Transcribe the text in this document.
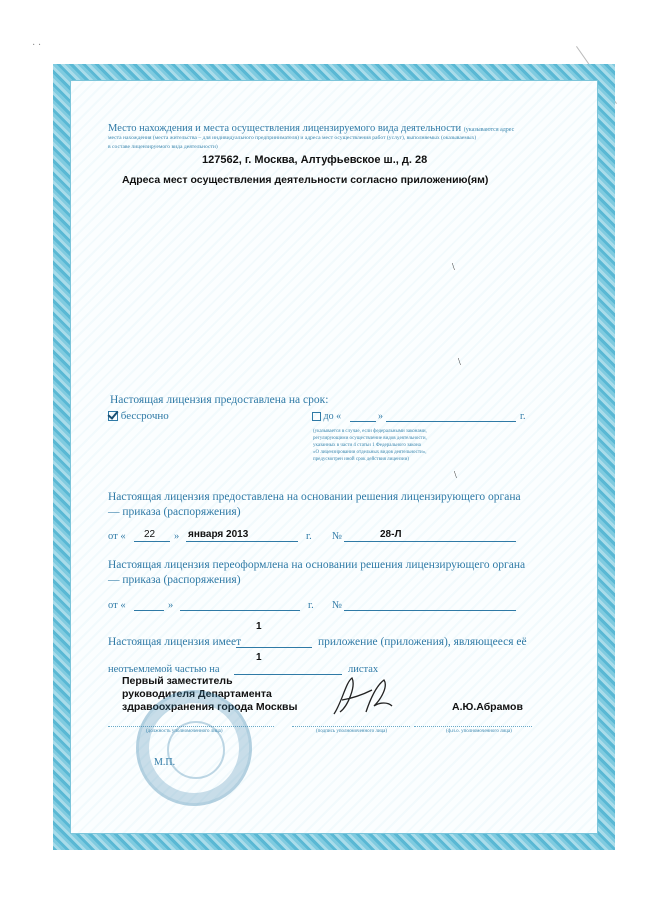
· ·
Место нахождения и места осуществления лицензируемого вида деятельности (указываются адрес
места нахождения (места жительства – для индивидуального предпринимателя) и адреса мест осуществления работ (услуг), выполняемых (оказываемых)
в составе лицензируемого вида деятельности)
127562, г. Москва, Алтуфьевское ш., д. 28
Адреса мест осуществления деятельности согласно приложению(ям)
\
\
Настоящая лицензия предоставлена на срок:
бессрочно	до «	»	г.
(указывается в случае, если федеральными законами,
регулирующими осуществление видов деятельности,
указанных в части 4 статьи 1 Федерального закона
«О лицензировании отдельных видов деятельности»,
предусмотрен иной срок действия лицензии)
\
Настоящая лицензия предоставлена на основании решения лицензирующего органа
— приказа (распоряжения)
от « 22 » января 2013	г. №	28-Л
Настоящая лицензия переоформлена на основании решения лицензирующего органа
— приказа (распоряжения)
от «	»	г. №
1
Настоящая лицензия имеет	приложение (приложения), являющееся её
1
неотъемлемой частью на	листах
Первый заместитель
руководителя Департамента
здравоохранения города Москвы	А.Ю.Абрамов
(должность уполномоченного лица)	(подпись уполномоченного лица)	(ф.и.о. уполномоченного лица)
М.П.
